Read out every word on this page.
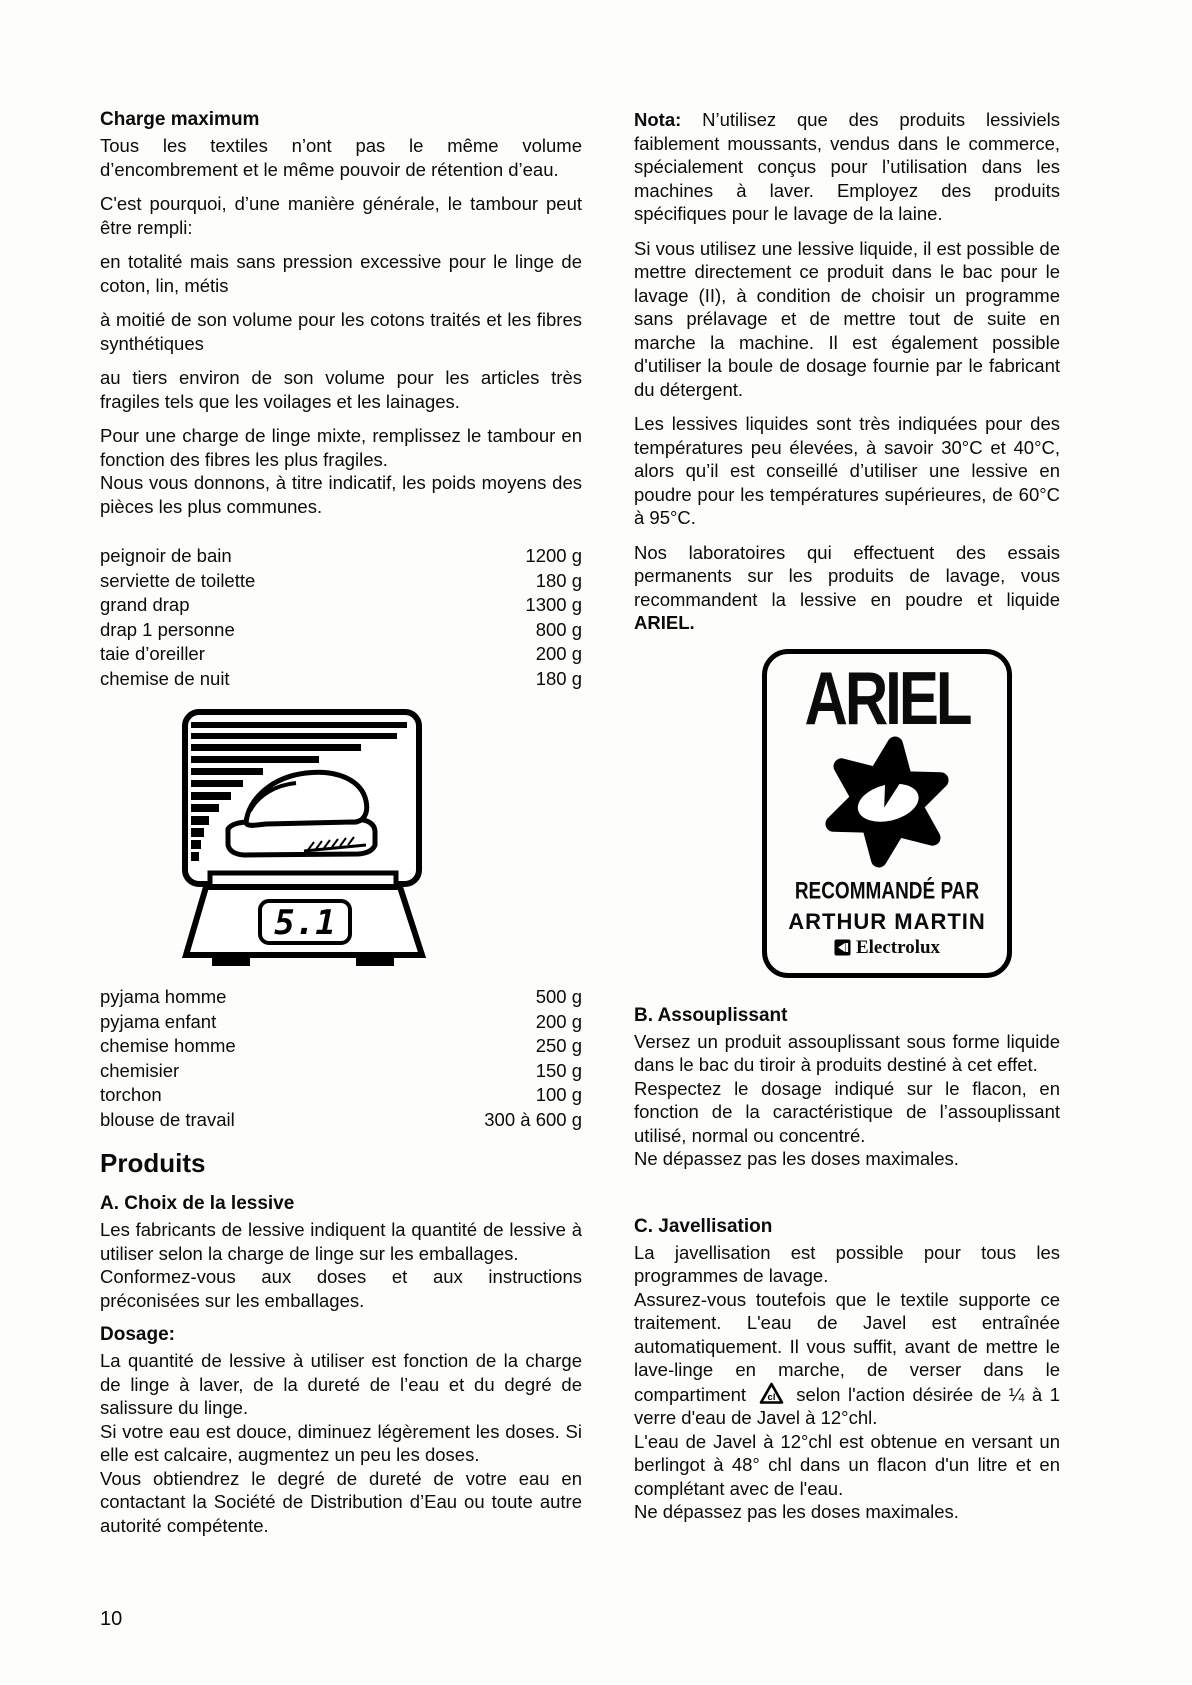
Charge maximum

Tous les textiles n’ont pas le même volume d’encombrement et le même pouvoir de rétention d’eau.

C'est pourquoi, d’une manière générale, le tambour peut être rempli:

en totalité mais sans pression excessive pour le linge de coton, lin, métis

à moitié de son volume pour les cotons traités et les fibres synthétiques

au tiers environ de son volume pour les articles très fragiles tels que les voilages et les lainages.

Pour une charge de linge mixte, remplissez le tambour en fonction des fibres les plus fragiles.

Nous vous donnons, à titre indicatif, les poids moyens des pièces les plus communes.

peignoir de bain	1200 g
serviette de toilette	180 g
grand drap	1300 g
drap 1 personne	800 g
taie d’oreiller	200 g
chemise de nuit	180 g
5.1
pyjama homme	500 g
pyjama enfant	200 g
chemise homme	250 g
chemisier	150 g
torchon	100 g
blouse de travail	300 à 600 g
Produits
A. Choix de la lessive

Les fabricants de lessive indiquent la quantité de lessive à utiliser selon la charge de linge sur les emballages.

Conformez-vous aux doses et aux instructions préconisées sur les emballages.

Dosage:

La quantité de lessive à utiliser est fonction de la charge de linge à laver, de la dureté de l’eau et du degré de salissure du linge.

Si votre eau est douce, diminuez légèrement les doses. Si elle est calcaire, augmentez un peu les doses.

Vous obtiendrez le degré de dureté de votre eau en contactant la Société de Distribution d’Eau ou toute autre autorité compétente.

Nota: N’utilisez que des produits lessiviels faiblement moussants, vendus dans le commerce, spécialement conçus pour l’utilisation dans les machines à laver. Employez des produits spécifiques pour le lavage de la laine.

Si vous utilisez une lessive liquide, il est possible de mettre directement ce produit dans le bac pour le lavage (II), à condition de choisir un programme sans prélavage et de mettre tout de suite en marche la machine. Il est également possible d'utiliser la boule de dosage fournie par le fabricant du détergent.

Les lessives liquides sont très indiquées pour des températures peu élevées, à savoir 30°C et 40°C, alors qu’il est conseillé d’utiliser une lessive en poudre pour les températures supérieures, de 60°C à 95°C.

Nos laboratoires qui effectuent des essais permanents sur les produits de lavage, vous recommandent la lessive en poudre et liquide ARIEL.

ARIEL
RECOMMANDÉ PAR
ARTHUR MARTIN
Electrolux
B. Assouplissant

Versez un produit assouplissant sous forme liquide dans le bac du tiroir à produits destiné à cet effet.

Respectez le dosage indiqué sur le flacon, en fonction de la caractéristique de l’assouplissant utilisé, normal ou concentré.

Ne dépassez pas les doses maximales.

C. Javellisation

La javellisation est possible pour tous les programmes de lavage.

Assurez-vous toutefois que le textile supporte ce traitement. L'eau de Javel est entraînée automatiquement. Il vous suffit, avant de mettre le lave-linge en marche, de verser dans le compartiment cl selon l'action désirée de ¼ à 1 verre d'eau de Javel à 12°chl.

L'eau de Javel à 12°chl est obtenue en versant un berlingot à 48° chl dans un flacon d'un litre et en complétant avec de l'eau.

Ne dépassez pas les doses maximales.

10
